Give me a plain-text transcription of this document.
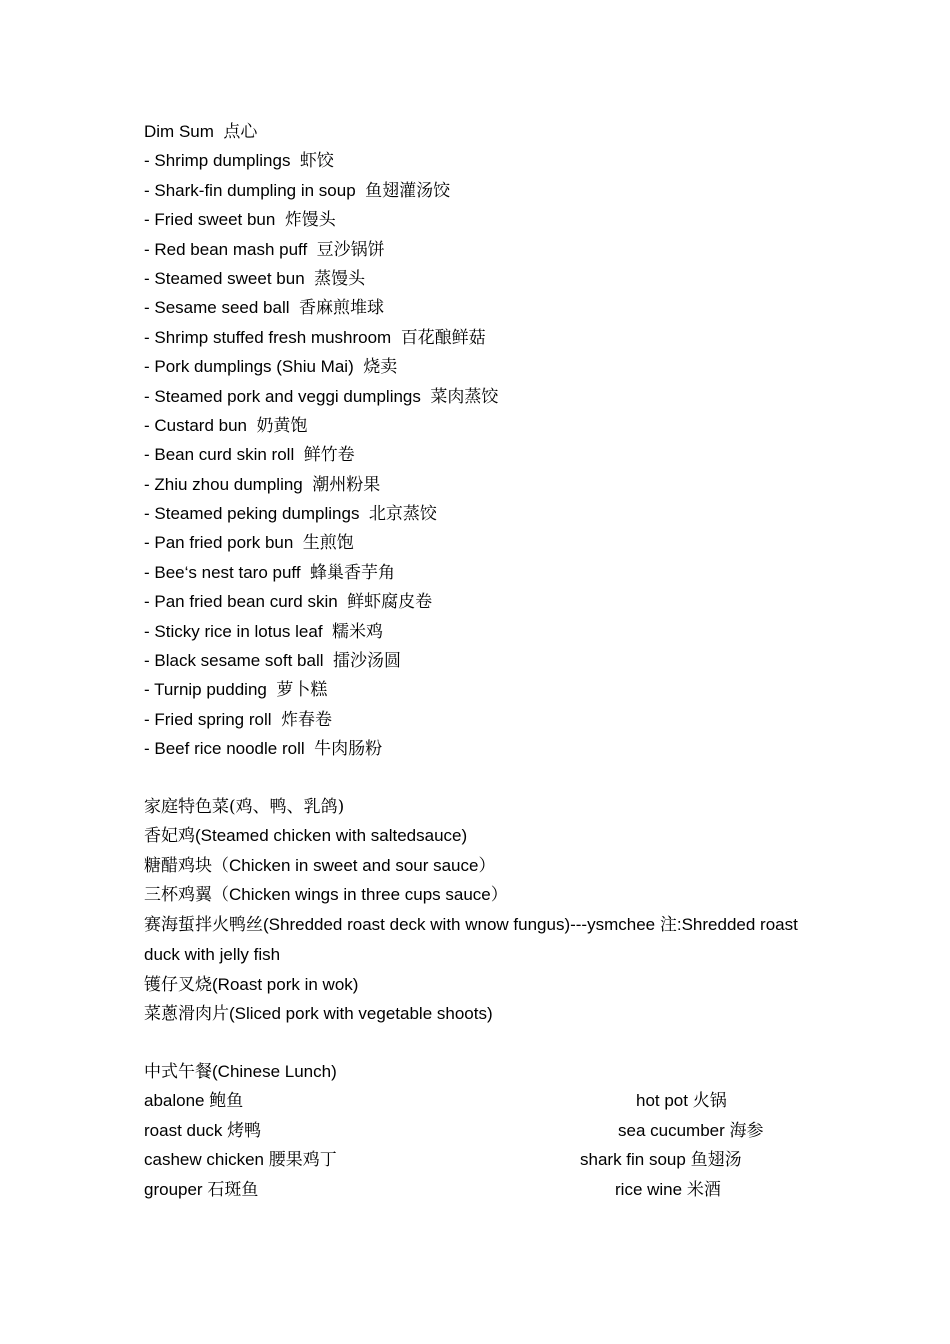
Dim Sum 点心
- Shrimp dumplings 虾饺
- Shark-fin dumpling in soup 鱼翅灌汤饺
- Fried sweet bun 炸馒头
- Red bean mash puff 豆沙锅饼
- Steamed sweet bun 蒸馒头
- Sesame seed ball 香麻煎堆球
- Shrimp stuffed fresh mushroom 百花酿鲜菇
- Pork dumplings (Shiu Mai) 烧卖
- Steamed pork and veggi dumplings 菜肉蒸饺
- Custard bun 奶黄饱
- Bean curd skin roll 鲜竹卷
- Zhiu zhou dumpling 潮州粉果
- Steamed peking dumplings 北京蒸饺
- Pan fried pork bun 生煎饱
- Bee‘s nest taro puff 蜂巢香芋角
- Pan fried bean curd skin 鲜虾腐皮卷
- Sticky rice in lotus leaf 糯米鸡
- Black sesame soft ball 擂沙汤圆
- Turnip pudding 萝卜糕
- Fried spring roll 炸春卷
- Beef rice noodle roll 牛肉肠粉
家庭特色菜(鸡、鸭、乳鸽)
香妃鸡(Steamed chicken with saltedsauce)
糖醋鸡块（Chicken in sweet and sour sauce）
三杯鸡翼（Chicken wings in three cups sauce）
赛海蜇拌火鸭丝(Shredded roast deck with wnow fungus)---ysmchee 注:Shredded roast duck with jelly fish
镬仔叉烧(Roast pork in wok)
菜蔥滑肉片(Sliced pork with vegetable shoots)
中式午餐(Chinese Lunch)
abalone 鲍鱼	hot pot 火锅
roast duck 烤鸭	sea cucumber 海参
cashew chicken 腰果鸡丁	shark fin soup 鱼翅汤
grouper 石斑鱼	rice wine 米酒
